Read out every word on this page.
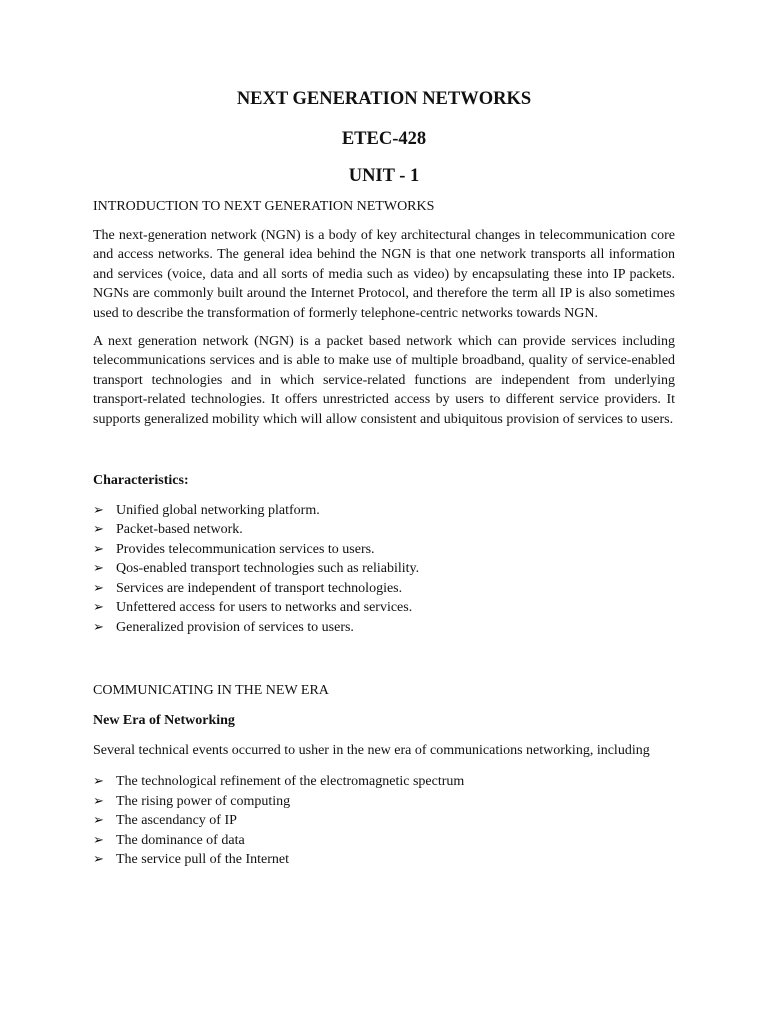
NEXT GENERATION NETWORKS

ETEC-428

UNIT - 1

INTRODUCTION TO NEXT GENERATION NETWORKS

The next-generation network (NGN) is a body of key architectural changes in telecommunication core and access networks. The general idea behind the NGN is that one network transports all information and services (voice, data and all sorts of media such as video) by encapsulating these into IP packets. NGNs are commonly built around the Internet Protocol, and therefore the term all IP is also sometimes used to describe the transformation of formerly telephone-centric networks towards NGN.

A next generation network (NGN) is a packet based network which can provide services including telecommunications services and is able to make use of multiple broadband, quality of service-enabled transport technologies and in which service-related functions are independent from underlying transport-related technologies. It offers unrestricted access by users to different service providers. It supports generalized mobility which will allow consistent and ubiquitous provision of services to users.

Characteristics:

➢ Unified global networking platform.
➢ Packet-based network.
➢ Provides telecommunication services to users.
➢ Qos-enabled transport technologies such as reliability.
➢ Services are independent of transport technologies.
➢ Unfettered access for users to networks and services.
➢ Generalized provision of services to users.

COMMUNICATING IN THE NEW ERA

New Era of Networking

Several technical events occurred to usher in the new era of communications networking, including

➢ The technological refinement of the electromagnetic spectrum
➢ The rising power of computing
➢ The ascendancy of IP
➢ The dominance of data
➢ The service pull of the Internet
